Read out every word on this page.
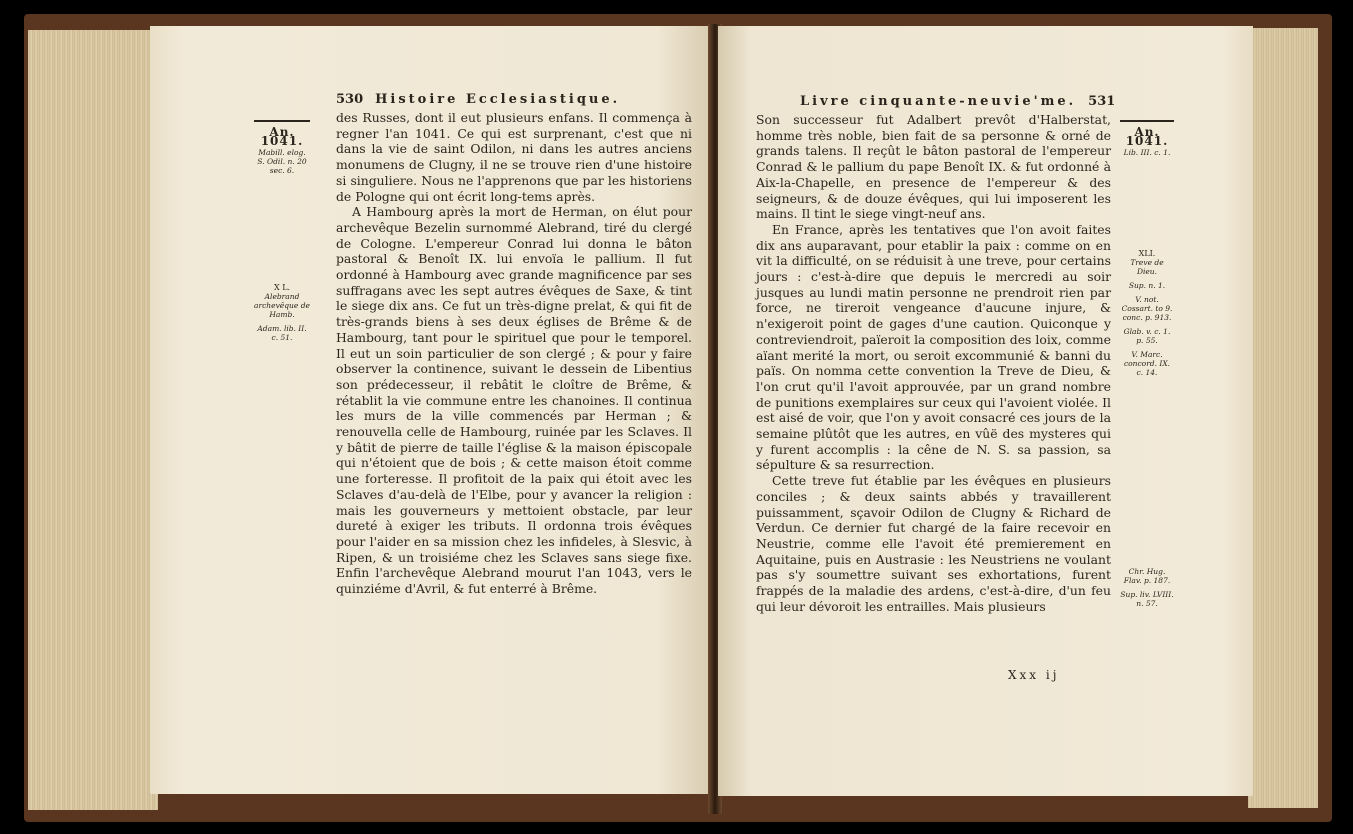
530 Histoire Ecclesiastique.
An. 1041.
Mabill. elog. S. Odil. n. 20 sec. 6.
X L.
Alebrand archevêque de Hamb.
Adam. lib. II. c. 51.

des Russes, dont il eut plusieurs enfans. Il commença à regner l'an 1041. Ce qui est surprenant, c'est que ni dans la vie de saint Odilon, ni dans les autres anciens monumens de Clugny, il ne se trouve rien d'une histoire si singuliere. Nous ne l'apprenons que par les historiens de Pologne qui ont écrit long-tems après.

A Hambourg après la mort de Herman, on élut pour archevêque Bezelin surnommé Alebrand, tiré du clergé de Cologne. L'empereur Conrad lui donna le bâton pastoral & Benoît IX. lui envoïa le pallium. Il fut ordonné à Hambourg avec grande magnificence par ses suffragans avec les sept autres évêques de Saxe, & tint le siege dix ans. Ce fut un très-digne prelat, & qui fit de très-grands biens à ses deux églises de Brême & de Hambourg, tant pour le spirituel que pour le temporel. Il eut un soin particulier de son clergé ; & pour y faire observer la continence, suivant le dessein de Libentius son prédecesseur, il rebâtit le cloître de Brême, & rétablit la vie commune entre les chanoines. Il continua les murs de la ville commencés par Herman ; & renouvella celle de Hambourg, ruinée par les Sclaves. Il y bâtit de pierre de taille l'église & la maison épiscopale qui n'étoient que de bois ; & cette maison étoit comme une forteresse. Il profitoit de la paix qui étoit avec les Sclaves d'au-delà de l'Elbe, pour y avancer la religion : mais les gouverneurs y mettoient obstacle, par leur dureté à exiger les tributs. Il ordonna trois évêques pour l'aider en sa mission chez les infideles, à Slesvic, à Ripen, & un troisiéme chez les Sclaves sans siege fixe. Enfin l'archevêque Alebrand mourut l'an 1043, vers le quinziéme d'Avril, & fut enterré à Brême.

Livre cinquante-neuvie'me. 531

Son successeur fut Adalbert prevôt d'Halberstat, homme très noble, bien fait de sa personne & orné de grands talens. Il reçût le bâton pastoral de l'empereur Conrad & le pallium du pape Benoît IX. & fut ordonné à Aix-la-Chapelle, en presence de l'empereur & des seigneurs, & de douze évêques, qui lui imposerent les mains. Il tint le siege vingt-neuf ans.

En France, après les tentatives que l'on avoit faites dix ans auparavant, pour etablir la paix : comme on en vit la difficulté, on se réduisit à une treve, pour certains jours : c'est-à-dire que depuis le mercredi au soir jusques au lundi matin personne ne prendroit rien par force, ne tireroit vengeance d'aucune injure, & n'exigeroit point de gages d'une caution. Quiconque y contreviendroit, païeroit la composition des loix, comme aïant merité la mort, ou seroit excommunié & banni du païs. On nomma cette convention la Treve de Dieu, & l'on crut qu'il l'avoit approuvée, par un grand nombre de punitions exemplaires sur ceux qui l'avoient violée. Il est aisé de voir, que l'on y avoit consacré ces jours de la semaine plûtôt que les autres, en vûë des mysteres qui y furent accomplis : la cêne de N. S. sa passion, sa sépulture & sa resurrection.

Cette treve fut établie par les évêques en plusieurs conciles ; & deux saints abbés y travaillerent puissamment, sçavoir Odilon de Clugny & Richard de Verdun. Ce dernier fut chargé de la faire recevoir en Neustrie, comme elle l'avoit été premierement en Aquitaine, puis en Austrasie : les Neustriens ne voulant pas s'y soumettre suivant ses exhortations, furent frappés de la maladie des ardens, c'est-à-dire, d'un feu qui leur dévoroit les entrailles. Mais plusieurs

An. 1041.
Lib. III. c. 1.
XLI.
Treve de Dieu.
Sup. n. 1.
V. not. Cossart. to 9. conc. p. 913.
Glab. v. c. 1. p. 55.
V. Marc. concord. IX. c. 14.
Chr. Hug. Flav. p. 187.
Sup. liv. LVIII. n. 57.
Xxx ij
